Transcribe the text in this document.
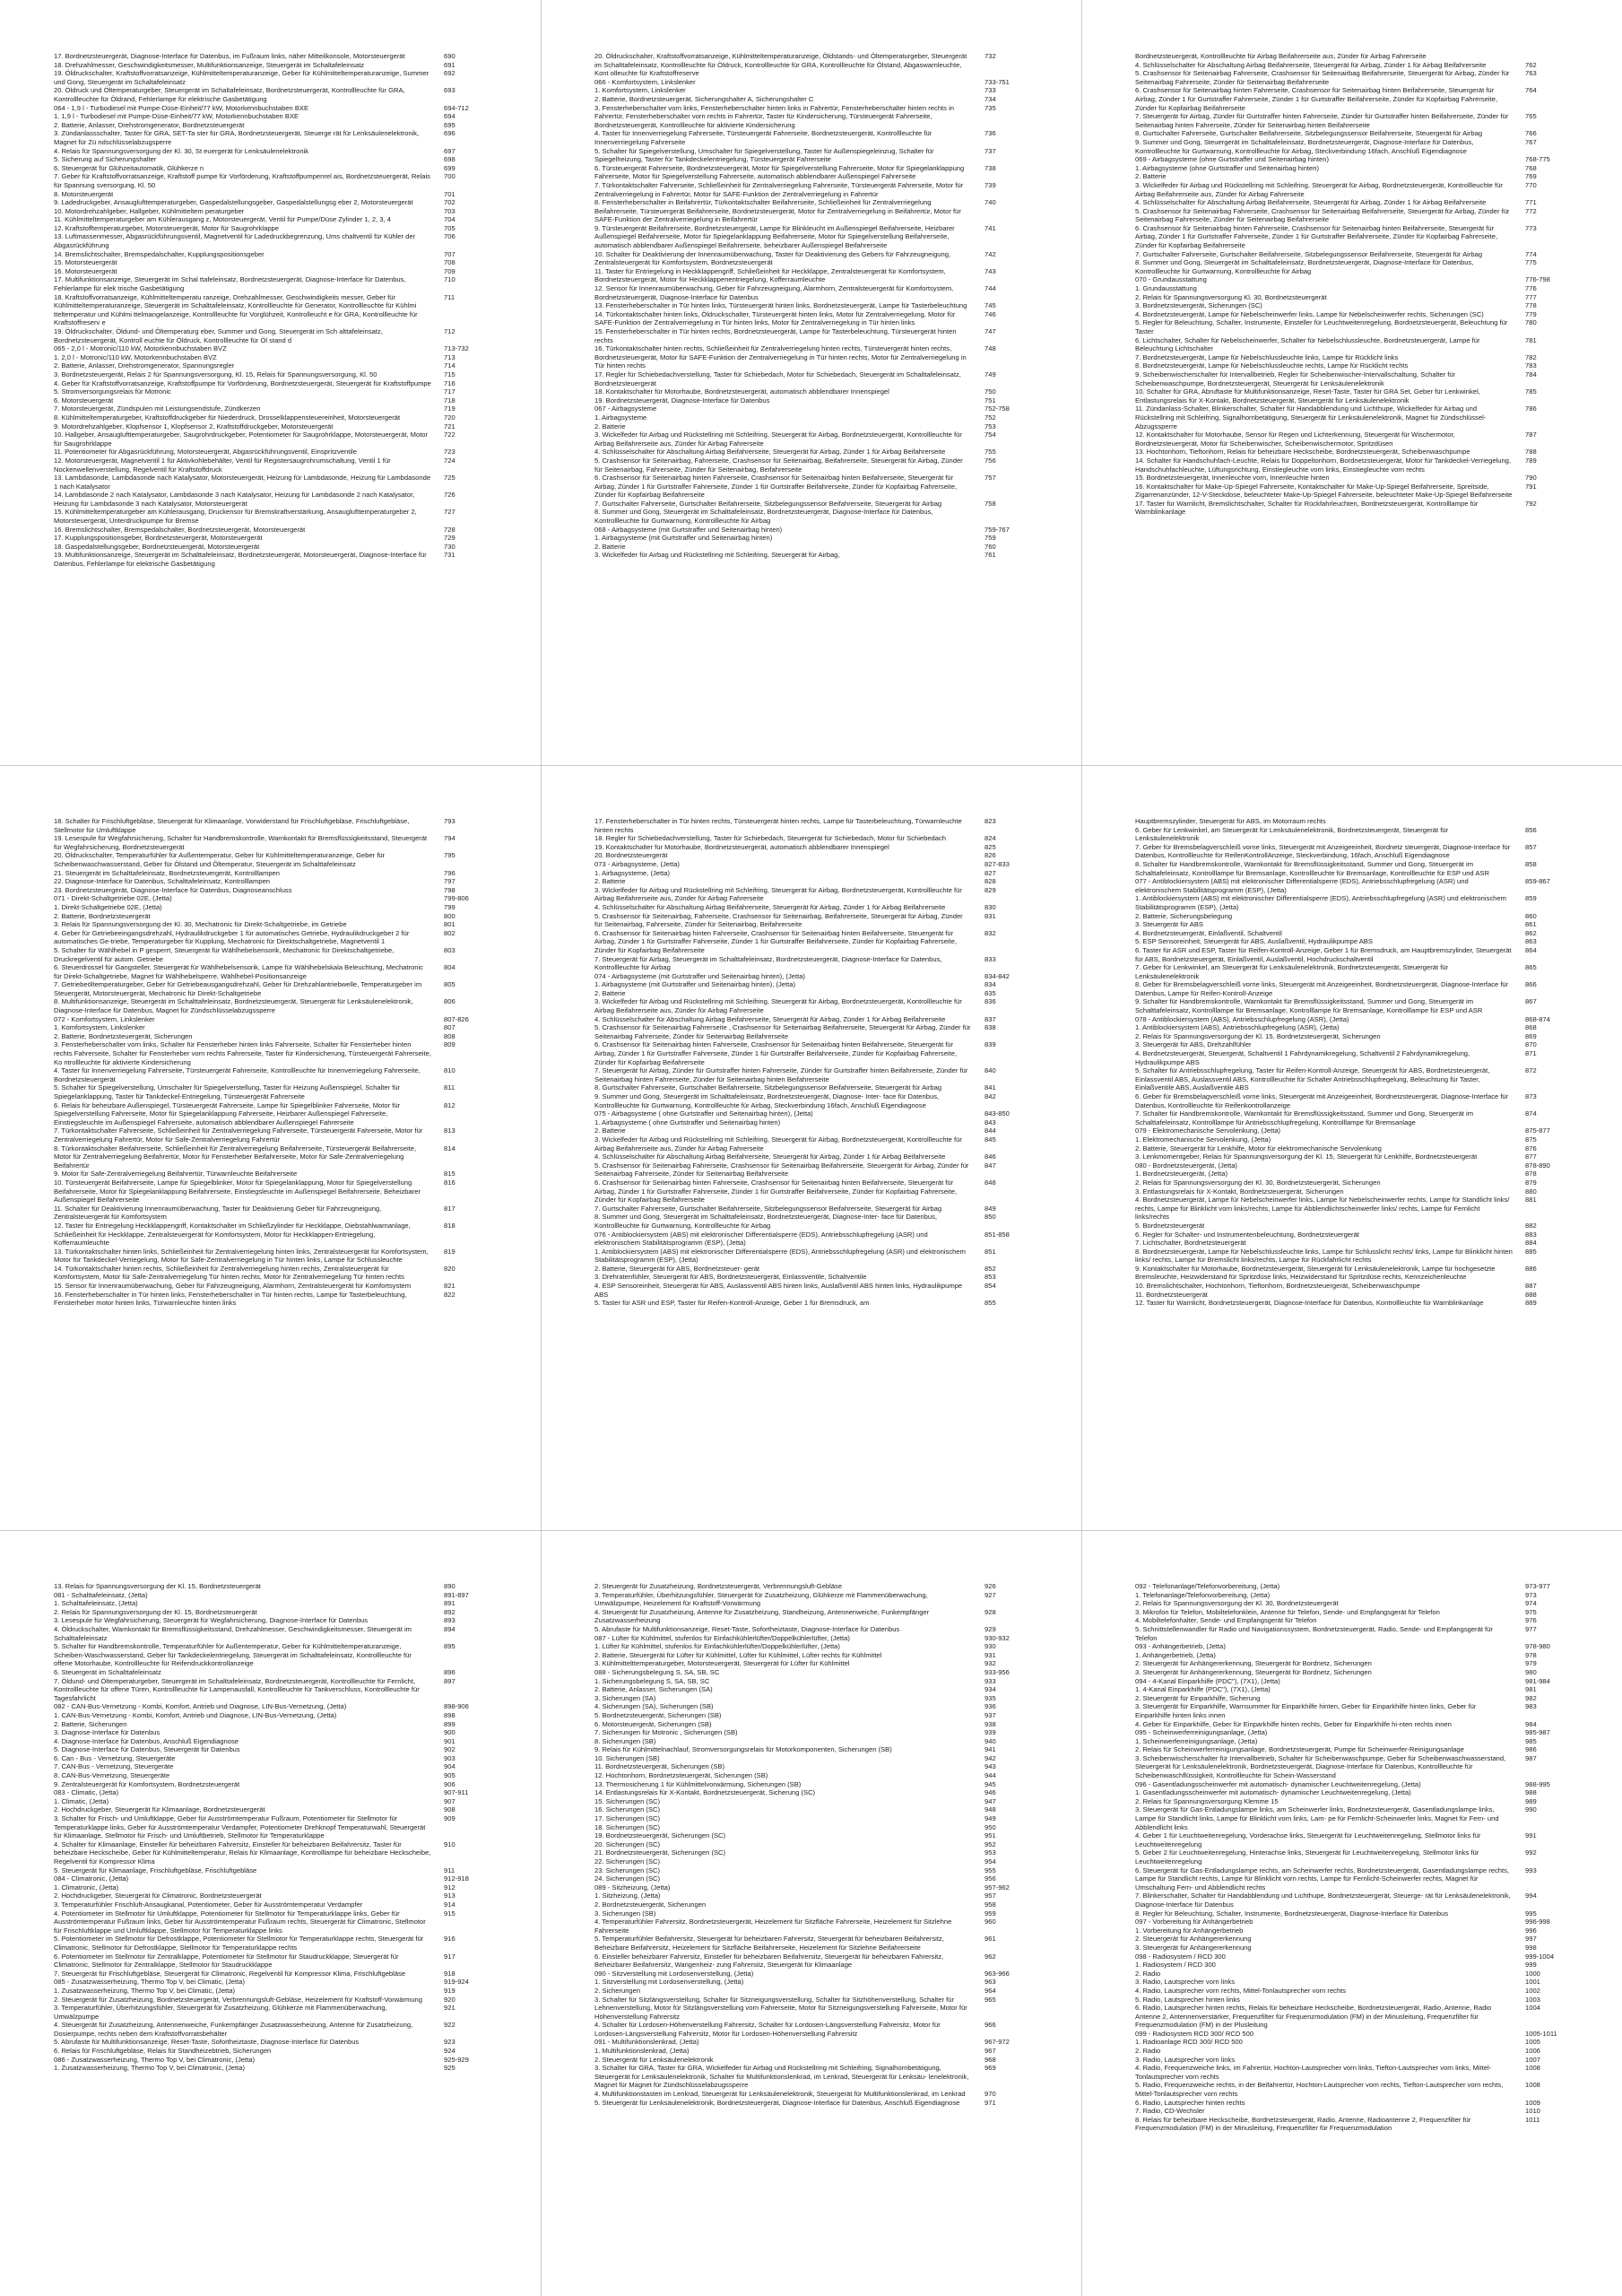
17. Bordnetzsteuergerät, Diagnose-Interface für Datenbus, im Fußraum links, näher Mitteilkonsole, Motorsteuergerät	690
18. Drehzahlmesser, Geschwindigkeitsmesser, Multifunktionsanzeige, Steuergerät im Schaltafeleinsatz	691
19. Öldruckschalter, Kraftstoffvorratsanzeige, Kühlmitteltemperaturanzeige, Geber für Kühlmitteltemperaturanzeige, Summer und Gong, Steuergerät im Schaltafeleinsatz
692
20. Öldruck und Öltemperaturgeber, Steuergerät im Schaltafeleinsatz, Bordnetzsteuergerät, Kontrollleuchte für GRA, Kontrollleuchte für Öldrand, Fehlerlampe für elektrische Gasbetätigung
693
064 - 1,9 l - Turbodiesel mit Pumpe-Düse-Einheit/77 kW, Motorkennbuchstaben BXE	694-712
1. 1,9 l - Turbodiesel mit Pumpe-Düse-Einheit/77 kW, Motorkennbuchstaben BXE	694
2. Batterie, Anlasser, Drehstromgenerator, Bordnetzsteuergerät	695
3. Zündanlassschalter, Taster für GRA, SET-Ta ster für GRA, Bordnetzsteuergerät, Steuerge rät für Lenksäulenelektronik, Magnet für Zü ndschlüsselabzugsperre
696
4. Relais für Spannungsversorgung der Kl. 30, St euergerät für Lenksäulenelektronik	697
5. Sicherung auf Sicherungshalter	698
6. Steuergerät für Glühzeitautomatik, Glühkerze n	699
7. Geber für Kraftstoffvorratsanzeige, Kraftstoff pumpe für Vorförderung, Kraftstoffpumpenrel ais, Bordnetzsteuergerät, Relais für Spannung sversorgung, Kl. 50
700
8. Motorsteuergerät	701
9. Ladedruckgeber, Ansauglufttemperaturgeber, Gaspedalstellungsgeber, Gaspedalstellungsg eber 2, Motorsteuergerät	702
10. Motordrehzahlgeber, Hallgeber, Kühlmitteltem peraturgeber	703
11. Kühlmitteltemperaturgeber am Kühlerausgang z, Motorsteuergerät, Ventil für Pumpe/Düse Zylinder 1, 2, 3, 4	704
12. Kraftstofftemperaturgeber, Motorsteuergerät, Motor für Saugrohrklappe	705
13. Luftmassenmesser, Abgasrückführungsventil, Magnetventil für Ladedruckbegrenzung, Ums chaltventil für Kühler der Abgasrückführung
706
14. Bremslichtschalter, Bremspedalschalter, Kupplungspositionsgeber	707
15. Motorsteuergerät	708
16. Motorsteuergerät	709
17. Multifunktionsanzeige, Steuergerät im Schal ttafeleinsatz, Bordnetzsteuergerät, Diagnose-Interface für Datenbus, Fehlerlampe für elek trische Gasbetätigung
710
18. Kraftstoffvorratsanzeige, Kühlmitteltemperatu ranzeige, Drehzahlmesser, Geschwindigkeits messer, Geber für Kühlmitteltemperaturanzeige, Steuergerät im Schalttafeleinsatz, Kontrollleuchte für Generator, Kontrollleuchte für Kühlmi tteltemperatur und Kühlmi ttelmangelanzeige, Kontrollleuchte für Vorglühzeit, Kontrolleucht e für GRA, Kontrollleuchte für Kraftstoffreserv e
711
19. Öldruckschalter, Öldund- und Öltemperaturg eber, Summer und Gong, Steuergerät im Sch alttafeleinsatz, Bordnetzsteuergerät, Kontroll euchte für Öldruck, Kontrollleuchte für Öl stand d
712
065 - 2,0 l - Motronic/110 kW, Motorkennbuchstaben BVZ	713-732
1. 2,0 l - Motronic/110 kW, Motorkennbuchstaben BVZ	713
2. Batterie, Anlasser, Drehstromgenerator, Spannungsregler	714
3. Bordnetzsteuergerät, Relais 2 für Spannungsversorgung, Kl. 15, Relais für Spannungsversorgung, Kl. 50	715
4. Geber für Kraftstoffvorratsanzeige, Kraftstoffpumpe für Vorförderung, Bordnetzsteuergerät, Steuergerät für Kraftstoffpumpe	716
5. Stromversorgungsrelais für Motronic	717
6. Motorsteuergerät	718
7. Motorsteuergerät, Zündspulen mit Leistungsendstufe, Zündkerzen	719
8. Kühlmitteltemperaturgeber, Kraftstoffdruckgeber für Niederdruck, Drosselklappensteuereinheit, Motorsteuergerät	720
9. Motordrehzahlgeber, Klopfsensor 1, Klopfsensor 2, Kraftstoffdruckgeber, Motorsteuergerät	721
10. Hallgeber, Ansauglufttemperaturgeber, Saugrohrdruckgeber, Potentiometer für Saugrohrklappe, Motorsteuergerät, Motor für Saugrohrklappe
722
11. Potentiometer für Abgasrückführung, Motorsteuergerät, Abgasrückführungsventil, Einspritzventile	723
12. Motorsteuergerät, Magnetventil 1 für Aktivkohlebehälter, Ventil für Registersaugrohrumschaltung, Ventil 1 für Nockenwellenverstellung, Regelventil für Kraftstoffdruck
724
13. Lambdasonde, Lambdasonde nach Katalysator, Motorsteuergerät, Heizung für Lambdasonde, Heizung für Lambdasonde 1 nach Katalysator
725
14. Lambdasonde 2 nach Katalysator, Lambdasonde 3 nach Katalysator, Heizung für Lambdasonde 2 nach Katalysator, Heizung für Lambdasonde 3 nach Katalysator, Motorsteuergerät
726
15. Kühlmitteltemperaturgeber am Kühlerausgang, Druckensor für Bremskraftverstärkung, Ansauglufttemperaturgeber 2, Motorsteuergerät, Unterdruckpumpe für Bremse
727
16. Bremslichtschalter, Bremspedalschalter, Bordnetzsteuergerät, Motorsteuergerät	728
17. Kupplungspositionsgeber, Bordnetzsteuergerät, Motorsteuergerät	729
18. Gaspedalstellungsgeber, Bordnetzsteuergerät, Motorsteuergerät	730
19. Multifunktionsanzeige, Steuergerät im Schalttafeleinsatz, Bordnetzsteuergerät, Motorsteuergerät, Diagnose-Interface für Datenbus, Fehlerlampe für elektrische Gasbetätigung
731
20. Öldruckschalter, Kraftstoffvorratsanzeige, Kühlmitteltemperaturanzeige, Öldstands- und Öltemperaturgeber, Steuergerät im Schalttafeleinsatz, Kontrollleuchte für Öldruck, Kontrollleuchte für GRA, Kontrollleuchte für Ölstand, Abgaswarnleuchte, Kont olleuchte für Kraftstoffreserve
732
066 - Komfortsystem, Linkslenker	733-751
1. Komfortsystem, Linkslenker	733
2. Batterie, Bordnetzsteuergerät, Sicherungshalter A, Sicherungshalter C	734
3. Fensterheberschalter vorn links, Fensterheberschalter hinten links in Fahrertür, Fensterheberschalter hinten rechts in Fahrertür, Fensterheberschalter vorn rechts in Fahrertür, Taster für Kindersicherung, Türsteuergerät Fahrerseite, Bordnetzsteuergerät, Kontrollleuchte für aktivierte Kindersicherung
735
4. Taster für Innenverriegelung Fahrerseite, Türsteuergerät Fahrerseite, Bordnetzsteuergerät, Kontrollleuchte für Innenverriegelung Fahrerseite
736
5. Schalter für Spiegelverstellung, Umschalter für Spiegelverstellung, Taster für Außenspiegeleinzug, Schalter für Spiegelheizung, Taster für Tankdeckelentriegelung, Türsteuergerät Fahrerseite
737
6. Türsteuergerät Fahrerseite, Bordnetzsteuergerät, Motor für Spiegelverstellung Fahrerseite, Motor für Spiegelanklappung Fahrerseite, Motor für Spiegelverstellung Fahrerseite, automatisch abblendbarer Außenspiegel Fahrerseite
738
7. Türkontaktschalter Fahrerseite, Schließeinheit für Zentralverriegelung Fahrerseite, Türsteuergerät Fahrerseite, Motor für Zentralverriegelung in Fahrertür, Motor für SAFE-Funktion der Zentralverriegelung in Fahrertür
739
8. Fensterheberschalter in Beifahrertür, Türkontaktschalter Beifahrerseite, Schließeinheit für Zentralverriegelung Beifahrerseite, Türsteuergerät Beifahrerseite, Bordnetzsteuergerät, Motor für Zentralverriegelung in Beifahrertür, Motor für SAFE-Funktion der Zentralverriegelung in Beifahrertür
740
9. Türsteuergerät Beifahrerseite, Bordnetzsteuergerät, Lampe für Blinkleucht im Außenspiegel Beifahrerseite, Heizbarer Außenspiegel Beifahrerseite, Motor für Spiegelanklappung Beifahrerseite, Motor für Spiegelverstellung Beifahrerseite, automatisch abblendbarer Außenspiegel Beifahrerseite, beheizbarer Außenspiegel Beifahrerseite
741
10. Schalter für Deaktivierung der Innenraumüberwachung, Taster für Deaktivierung des Gebers für Fahrzeugneigung, Zentralsteuergerät für Komfortsystem, Bordnetzsteuergerät
742
11. Taster für Entriegelung in Heckklappengriff, Schließeinheit für Heckklappe, Zentralsteuergerät für Komfortsystem, Bordnetzsteuergerät, Motor für Heckklappenentriegelung, Kofferraumleuchte
743
12. Sensor für Innenraumüberwachung, Geber für Fahrzeugneigung, Alarmhorn, Zentralsteuergerät für Komfortsystem, Bordnetzsteuergerät, Diagnose-Interface für Datenbus
744
13. Fensterheberschalter in Tür hinten links, Türsteuergerät hinten links, Bordnetzsteuergerät, Lampe für Tasterbeleuchtung	745
14. Türkontaktschalter hinten links, Öldruckschalter, Türsteuergerät hinten links, Motor für Zentralverriegelung, Motor für SAFE-Funktion der Zentralverriegelung in Tür hinten links, Motor für Zentralverriegelung in Tür hinten links
746
15. Fensterheberschalter in Tür hinten rechts, Bordnetzsteuergerät, Lampe für Tasterbeleuchtung, Türsteuergerät hinten rechts
747
16. Türkontaktschalter hinten rechts, Schließeinheit für Zentralverriegelung hinten rechts, Türsteuergerät hinten rechts, Bordnetzsteuergerät, Motor für SAFE-Funktion der Zentralverriegelung in Tür hinten rechts, Motor für Zentralverriegelung in Tür hinten rechts
748
17. Regler für Schiebedachverstellung, Taster für Schiebedach, Motor für Schiebedach, Steuergerät im Schalttafeleinsatz, Bordnetzsteuergerät
749
18. Kontaktschalter für Motorhaube, Bordnetzsteuergerät, automatisch abblendbarer Innenspiegel	750
19. Bordnetzsteuergerät, Diagnose-Interface für Datenbus	751
067 - Airbagsysteme	752-758
1. Airbagsysteme	752
2. Batterie	753
3. Wickelfeder für Airbag und Rückstellring mit Schleifring, Steuergerät für Airbag, Bordnetzsteuergerät, Kontrollleuchte für Airbag Beifahrerseite aus, Zünder für Airbag Fahrerseite
754
4. Schlüsselschalter für Abschaltung Airbag Beifahrerseite, Steuergerät für Airbag, Zünder 1 für Airbag Beifahrerseite	755
5. Crashsensor für Seitenairbag, Fahrerseite, Crashsensor für Seitenairbag, Beifahrerseite, Steuergerät für Airbag, Zünder für Seitenairbag, Fahrerseite, Zünder für Seitenairbag, Beifahrerseite
756
6. Crashsensor für Seitenairbag hinten Fahrerseite, Crashsensor für Seitenairbag hinten Beifahrerseite, Steuergerät für Airbag, Zünder 1 für Gurtstraffer Fahrerseite, Zünder 1 für Gurtstraffer Beifahrerseite, Zünder für Kopfairbag Fahrerseite, Zünder für Kopfairbag Beifahrerseite
757
7. Gurtschalter Fahrerseite, Gurtschalter Beifahrerseite, Sitzbelegungssensor Beifahrerseite, Steuergerät für Airbag	758
8. Summer und Gong, Steuergerät im Schalttafeleinsatz, Bordnetzsteuergerät, Diagnose-Interface für Datenbus, Kontrollleuchte für Gurtwarnung, Kontrollleuchte für Airbag
068 - Airbagsysteme (mit Gurtstraffer und Seitenairbag hinten)	759-767
1. Airbagsysteme (mit Gurtstraffer und Seitenairbag hinten)	759
2. Batterie	760
3. Wickelfeder für Airbag und Rückstellring mit Schleifring, Steuergerät für Airbag,	761
Bordnetzsteuergerät, Kontrollleuchte für Airbag Beifahrerseite aus, Zünder für Airbag Fahrerseite
4. Schlüsselschalter für Abschaltung Airbag Beifahrerseite, Steuergerät für Airbag, Zünder 1 für Airbag Beifahrerseite	762
5. Crashsensor für Seitenairbag Fahrerseite, Crashsensor für Seitenairbag Beifahrerseite, Steuergerät für Airbag, Zünder für Seitenairbag Fahrerseite, Zünder für Seitenairbag Beifahrerseite
763
6. Crashsensor für Seitenairbag hinten Fahrerseite, Crashsensor für Seitenairbag hinten Beifahrerseite, Steuergerät für Airbag, Zünder 1 für Gurtstraffer Fahrerseite, Zünder 1 für Gurtstraffer Beifahrerseite, Zünder für Kopfairbag Fahrerseite, Zünder für Kopfairbag Beifahrerseite
764
7. Steuergerät für Airbag, Zünder für Gurtstraffer hinten Fahrerseite, Zünder für Gurtstraffer hinten Beifahrerseite, Zünder für Seitenairbag hinten Fahrerseite, Zünder für Seitenairbag hinten Beifahrerseite
765
8. Gurtschalter Fahrerseite, Gurtschalter Beifahrerseite, Sitzbelegungssensor Beifahrerseite, Steuergerät für Airbag	766
9. Summer und Gong, Steuergerät im Schalttafeleinsatz, Bordnetzsteuergerät, Diagnose-Interface für Datenbus, Kontrollleuchte für Gurtwarnung, Kontrollleuchte für Airbag, Steckverbindung 16fach, Anschluß Eigendiagnose
767
069 - Airbagsysteme (ohne Gurtstraffer und Seitenairbag hinten)	768-775
1. Airbagsysteme (ohne Gurtstraffer und Seitenairbag hinten)	768
2. Batterie	769
3. Wickelfeder für Airbag und Rückstellring mit Schleifring, Steuergerät für Airbag, Bordnetzsteuergerät, Kontrollleuchte für Airbag Beifahrerseite aus, Zünder für Airbag Fahrerseite
770
4. Schlüsselschalter für Abschaltung Airbag Beifahrerseite, Steuergerät für Airbag, Zünder 1 für Airbag Beifahrerseite	771
5. Crashsensor für Seitenairbag Fahrerseite, Crashsensor für Seitenairbag Beifahrerseite, Steuergerät für Airbag, Zünder für Seitenairbag Fahrerseite, Zünder für Seitenairbag Beifahrerseite
772
6. Crashsensor für Seitenairbag hinten Fahrerseite, Crashsensor für Seitenairbag hinten Beifahrerseite, Steuergerät für Airbag, Zünder 1 für Gurtstraffer Fahrerseite, Zünder 1 für Gurtstraffer Beifahrerseite, Zünder für Kopfairbag Fahrerseite, Zünder für Kopfairbag Beifahrerseite
773
7. Gurtschalter Fahrerseite, Gurtschalter Beifahrerseite, Sitzbelegungssensor Beifahrerseite, Steuergerät für Airbag	774
8. Summer und Gong, Steuergerät im Schalttafeleinsatz, Bordnetzsteuergerät, Diagnose-Interface für Datenbus, Kontrollleuchte für Gurtwarnung, Kontrollleuchte für Airbag
775
070 - Grundausstattung	776-798
1. Grundausstattung	776
2. Relais für Spannungsversorgung Kl. 30, Bordnetzsteuergerät	777
3. Bordnetzsteuergerät, Sicherungen (SC)	778
4. Bordnetzsteuergerät, Lampe für Nebelscheinwerfer links, Lampe für Nebelscheinwerfer rechts, Sicherungen (SC)	779
5. Regler für Beleuchtung, Schalter, Instrumente, Einsteller für Leuchtweitenregelung, Bordnetzsteuergerät, Beleuchtung für Taster
780
6. Lichtschalter, Schalter für Nebelscheinwerfer, Schalter für Nebelschlussleuchte, Bordnetzsteuergerät, Lampe für Beleuchtung Lichtschalter
781
7. Bordnetzsteuergerät, Lampe für Nebelschlussleuchte links, Lampe für Rücklicht links	782
8. Bordnetzsteuergerät, Lampe für Nebelschlussleuchte rechts, Lampe für Rücklicht rechts	783
9. Scheibenwischerschalter für Intervallbetrieb, Regler für Scheibenwischer-Intervallschaltung, Schalter für Scheibenwaschpumpe, Bordnetzsteuergerät, Steuergerät für Lenksäulenelektronik
784
10. Schalter für GRA, Abruftaste für Multifunktionsanzeige, Reset-Taste, Taster für GRA Set, Geber für Lenkwinkel, Entlastungsrelais für X-Kontakt, Bordnetzsteuergerät, Steuergerät für Lenksäulenelektronik
785
11. Zündanlass-Schalter, Blinkerschalter, Schalter für Handabblendung und Lichthupe, Wickelfeder für Airbag und Rückstellring mit Schleifring, Signalhornbetätigung, Steuergerät für Lenksäulenelektronik, Magnet für Zündschlüssel-Abzugssperre
786
12. Kontaktschalter für Motorhaube, Sensor für Regen und Lichterkennung, Steuergerät für Wischermotor, Bordnetzsteuergerät, Motor für Scheibenwischer, Scheibenwischermotor, Spritzdüsen
787
13. Hochtonhorn, Tieftonhorn, Relais für beheizbare Heckscheibe, Bordnetzsteuergerät, Scheibenwaschpumpe	788
14. Schalter für Handschuhfach-Leuchte, Relais für Doppeltonhorn, Bordnetzsteuergerät, Motor für Tankdeckel-Verriegelung, Handschuhfachleuchte, Lüftungsrichtung, Einstiegleuchte vorn links, Einstiegleuchte vorn rechts
789
15. Bordnetzsteuergerät, Innenleuchte vorn, Innenleuchte hinten	790
16. Kontaktschalter für Make-Up-Spiegel Fahrerseite, Kontaktschalter für Make-Up-Spiegel Beifahrerseite, Spreitside, Zigarrenanzünder, 12-V-Steckdose, beleuchteter Make-Up-Spiegel Fahrerseite, beleuchteter Make-Up-Spiegel Beifahrerseite
791
17. Taster für Warnlicht, Bremslichtschalter, Schalter für Rückfahrleuchten, Bordnetzsteuergerät, Kontrolllampe für Warnblinkanlage
792
18. Schalter für Frischluftgebläse, Steuergerät für Klimaanlage, Vorwiderstand für Frischluftgebläse, Frischluftgebläse, Stellmotor für Umluftklappe
793
19. Lesespule für Wegfahrsicherung, Schalter für Handbremskontrolle, Warnkontakt für Bremsflüssigkeitsstand, Steuergerät für Wegfahrsicherung, Bordnetzsteuergerät
794
20. Öldruckschalter, Temperaturfühler für Außentemperatur, Geber für Kühlmitteltemperaturanzeige, Geber für Scheibenwaschwasserstand, Geber für Ölstand und Öltemperatur, Steuergerät im Schalttafeleinsatz
795
21. Steuergerät im Schalttafeleinsatz, Bordnetzsteuergerät, Kontrolllampen	796
22. Diagnose-Interface für Datenbus, Schalttafeleinsatz, Kontrolllampen	797
23. Bordnetzsteuergerät, Diagnose-Interface für Datenbus, Diagnoseanschluss	798
071 - Direkt-Schaltgetriebe 02E, (Jetta)	799-806
1. Direkt-Schaltgetriebe 02E, (Jetta)	799
2. Batterie, Bordnetzsteuergerät	800
3. Relais für Spannungsversorgung der Kl. 30, Mechatronic für Direkt-Schaltgetriebe, im Getriebe	801
4. Geber für Getriebeeingangsdrehzahl, Hydraulikdruckgeber 1 für automatisches Getriebe, Hydraulikdruckgeber 2 für automatisches Ge-triebe, Temperaturgeber für Kupplung, Mechatronic für Direktschaltgetriebe, Magnetventil 1
802
5. Schalter für Wählhebel in P gesperrt, Steuergerät für Wählhebelsensorik, Mechatronic für Direktschaltgetriebe, Druckregelventil für autom. Getriebe
803
6. Steuerdrossel für Gangsteller, Steuergerät für Wählhebelsensorik, Lampe für Wählhebelskala Beleuchtung, Mechatronic für Direkt-Schaltgetriebe, Magnet für Wählhebelsperre, Wählhebel-Positionsanzeige
804
7. Getriebeöltemperaturgeber, Geber für Getriebeausgangsdrehzahl, Geber für Drehzahlantriebwelle, Temperaturgeber im Steuergerät, Motorsteuergerät, Mechatronic für Direkt-Schaltgetriebe
805
8. Multifunktionsanzeige, Steuergerät im Schalttafeleinsatz, Bordnetzsteuergerät, Steuergerät für Lenksäulenelektronik, Diagnose-Interface für Datenbus, Magnet für Zündschlüsselabzugssperre
806
072 - Komfortsystem, Linkslenker	807-826
1. Komfortsystem, Linkslenker	807
2. Batterie, Bordnetzsteuergerät, Sicherungen	808
3. Fensterheberschalter vorn links, Schalter für Fensterheber hinten links Fahrerseite, Schalter für Fensterheber hinten rechts Fahrerseite, Schalter für Fensterheber vorn rechts Fahrerseite, Taster für Kindersicherung, Türsteuergerät Fahrerseite, Ko ntrollleuchte für aktivierte Kindersicherung
809
4. Taster für Innenverriegelung Fahrerseite, Türsteuergerät Fahrerseite, Kontrollleuchte für Innenverriegelung Fahrerseite, Bordnetzsteuergerät
810
5. Schalter für Spiegelverstellung, Umschalter für Spiegelverstellung, Taster für Heizung Außenspiegel, Schalter für Spiegelanklappung, Taster für Tankdeckel-Entriegelung, Türsteuergerät Fahrerseite
811
6. Relais für beheizbare Außenspiegel, Türsteuergerät Fahrerseite, Lampe für Spiegelblinker Fahrerseite, Motor für Spiegelverstellung Fahrerseite, Motor für Spiegelanklappung Fahrerseite, Heizbarer Außenspiegel Fahrerseite, Einstiegsleuchte im Außenspiegel Fahrerseite, automatisch abblendbarer Außenspiegel Fahrerseite
812
7. Türkontaktschalter Fahrerseite, Schließeinheit für Zentralverriegelung Fahrerseite, Türsteuergerät Fahrerseite, Motor für Zentralverriegelung Fahrertür, Motor für Safe-Zentralverriegelung Fahrertür
813
8. Türkontaktschalter Beifahrerseite, Schließeinheit für Zentralverriegelung Beifahrerseite, Türsteuergerät Beifahrerseite, Motor für Zentralverriegelung Beifahrertür, Motor für Fensterheber Beifahrerseite, Motor für Safe-Zentralverriegelung Beifahrertür
814
9. Motor für Safe-Zentralverriegelung Beifahrertür, Türwarnleuchte Beifahrerseite	815
10. Türsteuergerät Beifahrerseite, Lampe für Spiegelblinker, Motor für Spiegelanklappung, Motor für Spiegelverstellung Beifahrerseite, Motor für Spiegelanklappung Beifahrerseite, Einstiegsleuchte im Außenspiegel Beifahrerseite, Beheizbarer Außenspiegel Beifahrerseite
816
11. Schalter für Deaktivierung Innenraumüberwachung, Taster für Deaktivierung Geber für Fahrzeugneigung, Zentralsteuergerät für Komfortsystem
817
12. Taster für Entriegelung Heckklappengriff, Kontaktschalter im Schließzylinder für Heckklappe, Diebstahlwarnanlage, Schließeinheit für Heckklappe, Zentralsteuergerät für Komfortsystem, Motor für Heckklappen-Entriegelung, Kofferraumleuchte
818
13. Türkontaktschalter hinten links, Schließeinheit für Zentralverriegelung hinten links, Zentralsteuergerät für Komfortsystem, Motor für Tankdeckel-Verriegelung, Motor für Safe-Zentralverriegelung in Tür hinten links, Lampe für Schlussleuchte
819
14. Türkontaktschalter hinten rechts, Schließeinheit für Zentralverriegelung hinten rechts, Zentralsteuergerät für Komfortsystem, Motor für Safe-Zentralverriegelung Tür hinten rechts, Motor für Zentralverriegelung Tür hinten rechts
820
15. Sensor für Innenraumüberwachung, Geber für Fahrzeugneigung, Alarmhorn, Zentralsteuergerät für Komfortsystem	821
16. Fensterheberschalter in Tür hinten links, Fensterheberschalter in Tür hinten rechts, Lampe für Tasterbeleuchtung, Fensterheber motor hinten links, Türwarnleuchte hinten links
822
17. Fensterheberschalter in Tür hinten rechts, Türsteuergerät hinten rechts, Lampe für Tasterbeleuchtung, Türwarnleuchte hinten rechts
823
18. Regler für Schiebedachverstellung, Taster für Schiebedach, Steuergerät für Schiebedach, Motor für Schiebedach	824
19. Kontaktschalter für Motorhaube, Bordnetzsteuergerät, automatisch abblendbarer Innenspiegel	825
20. Bordnetzsteuergerät	826
073 - Airbagsysteme, (Jetta)	827-833
1. Airbagsysteme, (Jetta)	827
2. Batterie	828
3. Wickelfeder für Airbag und Rückstellring mit Schleifring, Steuergerät für Airbag, Bordnetzsteuergerät, Kontrollleuchte für Airbag Beifahrerseite aus, Zünder für Airbag Fahrerseite
829
4. Schlüsselschalter für Abschaltung Airbag Beifahrerseite, Steuergerät für Airbag, Zünder 1 für Airbag Beifahrerseite	830
5. Crashsensor für Seitenairbag, Fahrerseite, Crashsensor für Seitenairbag, Beifahrerseite, Steuergerät für Airbag, Zünder für Seitenairbag, Fahrerseite, Zünder für Seitenairbag, Beifahrerseite
831
6. Crashsensor für Seitenairbag hinten Fahrerseite, Crashsensor für Seitenairbag hinten Beifahrerseite, Steuergerät für Airbag, Zünder 1 für Gurtstraffer Fahrerseite, Zünder 1 für Gurtstraffer Beifahrerseite, Zünder für Kopfairbag Fahrerseite, Zünder für Kopfairbag Beifahrerseite
832
7. Steuergerät für Airbag, Steuergerät im Schalttafeleinsatz, Bordnetzsteuergerät, Diagnose-Interface für Datenbus, Kontrollleuchte für Airbag
833
074 - Airbagsysteme (mit Gurtstraffer und Seitenairbag hinten), (Jetta)	834-842
1. Airbagsysteme (mit Gurtstraffer und Seitenairbag hinten), (Jetta)	834
2. Batterie	835
3. Wickelfeder für Airbag und Rückstellring mit Schleifring, Steuergerät für Airbag, Bordnetzsteuergerät, Kontrollleuchte für Airbag Beifahrerseite aus, Zünder für Airbag Fahrerseite
836
4. Schlüsselschalter für Abschaltung Airbag Beifahrerseite, Steuergerät für Airbag, Zünder 1 für Airbag Beifahrerseite	837
5. Crashsensor für Seitenairbag Fahrerseite , Crashsensor für Seitenairbag Beifahrerseite, Steuergerät für Airbag, Zünder für Seitenairbag Fahrerseite, Zünder für Seitenairbag Beifahrerseite
838
6. Crashsensor für Seitenairbag hinten Fahrerseite, Crashsensor für Seitenairbag hinten Beifahrerseite, Steuergerät für Airbag, Zünder 1 für Gurtstraffer Fahrerseite, Zünder 1 für Gurtstraffer Beifahrerseite, Zünder für Kopfairbag Fahrerseite, Zünder für Kopfairbag Beifahrerseite
839
7. Steuergerät für Airbag, Zünder für Gurtstraffer hinten Fahrerseite, Zünder für Gurtstraffer hinten Beifahrerseite, Zünder für Seitenairbag hinten Fahrerseite, Zünder für Seitenairbag hinten Beifahrerseite
840
8. Gurtschalter Fahrerseite, Gurtschalter Beifahrerseite, Sitzbelegungssensor Beifahrerseite, Steuergerät für Airbag	841
9. Summer und Gong, Steuergerät im Schalttafeleinsatz, Bordnetzsteuergerät, Diagnose- Inter- face für Datenbus, Kontrollleuchte für Gurtwarnung, Kontrollleuchte für Airbag, Steckverbindung 16fach, Anschluß Eigendiagnose
842
075 - Airbagsysteme ( ohne Gurtstraffer und Seitenairbag hinten), (Jetta)	843-850
1. Airbagsysteme ( ohne Gurtstraffer und Seitenairbag hinten)	843
2. Batterie	844
3. Wickelfeder für Airbag und Rückstellring mit Schleifring, Steuergerät für Airbag, Bordnetzsteuergerät, Kontrollleuchte für Airbag Beifahrerseite aus, Zünder für Airbag Fahrerseite
845
4. Schlüsselschalter für Abschaltung Airbag Beifahrerseite, Steuergerät für Airbag, Zünder 1 für Airbag Beifahrerseite	846
5. Crashsensor für Seitenairbag Fahrerseite, Crashsensor für Seitenairbag Beifahrerseite, Steuergerät für Airbag, Zünder für Seitenairbag Fahrerseite, Zünder für Seitenairbag Beifahrerseite
847
6. Crashsensor für Seitenairbag hinten Fahrerseite, Crashsensor für Seitenairbag hinten Beifahrerseite, Steuergerät für Airbag, Zünder 1 für Gurtstraffer Fahrerseite, Zünder 1 für Gurtstraffer Beifahrerseite, Zünder für Kopfairbag Fahrerseite, Zünder für Kopfairbag Beifahrerseite
848
7. Gurtschalter Fahrerseite, Gurtschalter Beifahrerseite, Sitzbelegungssensor Beifahrerseite, Steuergerät für Airbag	849
8. Summer und Gong, Steuergerät im Schalttafeleinsatz, Bordnetzsteuergerät, Diagnose-Inter- face für Datenbus, Kontrollleuchte für Gurtwarnung, Kontrollleuchte für Airbag
850
076 - Antiblockiersystem (ABS) mit elektronischer Differentialsperre (EDS), Antriebsschlupfregelung (ASR) und elektronischem Stabilitätsprogramm (ESP), (Jetta)
851-858
1. Antiblockiersystem (ABS) mit elektronischer Differentialsperre (EDS), Antriebsschlupfregelung (ASR) und elektronischem Stabilitätsprogramm (ESP), (Jetta)
851
2. Batterie, Steuergerät für ABS, Bordnetzsteuer- gerät	852
3. Drehratenfühler, Steuergerät für ABS, Bordnetzsteuergerät, Einlassventile, Schaltventile	853
4. ESP Sensoreinheit, Steuergerät für ABS, Auslassventil ABS hinten links, Auslaßventil ABS hinten links, Hydraulikpumpe ABS
854
5. Taster für ASR und ESP, Taster für Reifen-Kontroll-Anzeige, Geber 1 für Bremsdruck, am	855
Hauptbremszylinder, Steuergerät für ABS, im Motorraum rechts
6. Geber für Lenkwinkel, am Steuergerät für Lenksäulenelektronik, Bordnetzsteuergerät, Steuergerät für Lenksäulenelektronik
856
7. Geber für Bremsbelagverschleiß vorne links, Steuergerät mit Anzeigeeinheit, Bordnetz steuergerät, Diagnose-Interface für Datenbus, Kontrollleuchte für ReifenKontrollAnzeige, Steckverbindung, 16fach, Anschluß Eigendiagnose
857
8. Schalter für Handbremskontrolle, Warnkontakt für Bremsflüssigkeitsstand, Summer und Gong, Steuergerät im Schalttafeleinsatz, Kontrolllampe für Bremsanlage, Kontrollleuchte für Bremsanlage, Kontrollleuchte für ESP und ASR
858
077 - Antiblockiersystem (ABS) mit elektronischer Differentialsperre (EDS), Antriebsschlupfregelung (ASR) und elektronischem Stabilitätsprogramm (ESP), (Jetta)
859-867
1. Antiblockiersystem (ABS) mit elektronischer Differentialsperre (EDS), Antriebsschlupfregelung (ASR) und elektronischem Stabilitätsprogramm (ESP), (Jetta)
859
2. Batterie, Sicherungsbelegung	860
3. Steuergerät für ABS	861
4. Bordnetzsteuergerät, Einlaßventil, Schaltventil	862
5. ESP Sensoreinheit, Steuergerät für ABS, Auslaßventil, Hydraulikpumpe ABS	863
6. Taster für ASR und ESP, Taster für Reifen-Kontroll-Anzeige, Geber 1 für Bremsdruck, am Hauptbremszylinder, Steuergerät für ABS, Bordnetzsteuergerät, Einlaßventil, Auslaßventil, Hochdruckschaltventil
864
7. Geber für Lenkwinkel, am Steuergerät für Lenksäulenelektronik, Bordnetzsteuergerät, Steuergerät für Lenksäulenelektronik
865
8. Geber für Bremsbelagverschleiß vorne links, Steuergerät mit Anzeigeeinheit, Bordnetzsteuergerät, Diagnose-Interface für Datenbus, Lampe für Reifen-Kontroll-Anzeige
866
9. Schalter für Handbremskontrolle, Warnkontakt für Bremsflüssigkeitsstand, Summer und Gong, Steuergerät im Schalttafeleinsatz, Kontrolllampe für Bremsanlage, Kontrolllampe für Bremsanlage, Kontrolllampe für ESP und ASR
867
078 - Antiblockiersystem (ABS), Antriebsschlupfregelung (ASR), (Jetta)	868-874
1. Antiblockiersystem (ABS), Antriebsschlupfregelung (ASR), (Jetta)	868
2. Relais für Spannungsversorgung der Kl. 15, Bordnetzsteuergerät, Sicherungen	869
3. Steuergerät für ABS, Drehzahlfühler	870
4. Bordnetzsteuergerät, Steuergerät, Schaltventil 1 Fahrdynamikregelung, Schaltventil 2 Fahrdynamikregelung, Hydraulikpumpe ABS
871
5. Schalter für Antriebsschlupfregelung, Taster für Reifen-Kontroll-Anzeige, Steuergerät für ABS, Bordnetzsteuergerät, Einlassventil ABS, Auslassventil ABS, Kontrollleuchte für Schalter Antriebsschlupfregelung, Beleuchtung für Taster, Einlaßventile ABS, Auslaßventile ABS
872
6. Geber für Bremsbelagverschleiß vorne links, Steuergerät mit Anzeigeeinheit, Bordnetzsteuergerät, Diagnose-Interface für Datenbus, Kontrollleuchte für Reifenkontrollanzeige
873
7. Schalter für Handbremskontrolle, Warnkontakt für Bremsflüssigkeitsstand, Summer und Gong, Steuergerät im Schalttafeleinsatz, Kontrolllampe für Antriebsschlupfregelung, Kontrolllampe für Bremsanlage
874
079 - Elektromechanische Servolenkung, (Jetta)	875-877
1. Elektromechanische Servolenkung, (Jetta)	875
2. Batterie, Steuergerät für Lenkhilfe, Motor für elektromechanische Servolenkung	876
3. Lenkmomentgeber, Relais für Spannungsversorgung der Kl. 15, Steuergerät für Lenkhilfe, Bordnetzsteuergerät	877
080 - Bordnetzsteuergerät, (Jetta)	878-890
1. Bordnetzsteuergerät, (Jetta)	878
2. Relais für Spannungsversorgung der Kl. 30, Bordnetzsteuergerät, Sicherungen	879
3. Entlastungsrelais für X-Kontakt, Bordnetzsteuergerät, Sicherungen	880
4. Bordnetzsteuergerät, Lampe für Nebelscheinwerfer links, Lampe für Nebelscheinwerfer rechts, Lampe für Standlicht links/ rechts, Lampe für Blinklicht vorn links/rechts, Lampe für Abblendlichtscheinwerfer links/ rechts, Lampe für Fernlicht links/rechts
881
5. Bordnetzsteuergerät	882
6. Regler für Schalter- und Instrumentenbeleuchtung, Bordnetzsteuergerät	883
7. Lichtschalter, Bordnetzsteuergerät	884
8. Bordnetzsteuergerät, Lampe für Nebelschlussleuchte links, Lampe für Schlusslicht rechts/ links, Lampe für Blinklicht hinten links/ rechts, Lampe für Bremslicht links/rechts, Lampe für Rückfahrlicht rechts
885
9. Kontaktschalter für Motorhaube, Bordnetzsteuergerät, Steuergerät für Lenksäulenelektronik, Lampe für hochgesetzte Bremsleuchte, Heizwiderstand für Spritzdüse links, Heizwiderstand für Spritzdüse rechts, Kennzeichenleuchte
886
10. Bremslichtschalter, Hochtonhorn, Tieftonhorn, Bordnetzsteuergerät, Scheibenwaschpumpe	887
11. Bordnetzsteuergerät	888
12. Taster für Warnlicht, Bordnetzsteuergerät, Diagnose-Interface für Datenbus, Kontrollleuchte für Warnblinkanlage	889
13. Relais für Spannungsversorgung der Kl. 15, Bordnetzsteuergerät	890
081 - Schalttafeleinsatz, (Jetta)	891-897
1. Schalttafeleinsatz, (Jetta)	891
2. Relais für Spannungsversorgung der Kl. 15, Bordnetzsteuergerät	892
3. Lesespule für Wegfahrsicherung, Steuergerät für Wegfahrsicherung, Diagnose-Interface für Datenbus	893
4. Öldruckschalter, Warnkontakt für Bremsflüssigkeitsstand, Drehzahlmesser, Geschwindigkeitsmesser, Steuergerät im Schalttafeleinsatz
894
5. Schalter für Handbremskontrolle, Temperaturfühler für Außentemperatur, Geber für Kühlmitteltemperaturanzeige, Scheiben-Waschwasserstand, Geber für Tankdeckelentriegelung, Steuergerät im Schalttafeleinsatz, Kontrollleuchte für offene Motorhaube, Kontrollleuchte für Reifendruckkontrollanzeige
895
6. Steuergerät im Schalttafeleinsatz	896
7. Öldund- und Öltemperaturgeber, Steuergerät im Schalttafeleinsatz, Bordnetzsteuergerät, Kontrollleuchte für Fernlicht, Kontrollleuchte für offene Türen, Kontrollleuchte für Lampenausfall, Kontrollleuchte für Tankverschluss, Kontrollleuchte für Tagesfahrlicht
897
082 - CAN-Bus-Vernetzung - Kombi, Komfort, Antrieb und Diagnose, LIN-Bus-Vernetzung, (Jetta)	898-906
1. CAN-Bus-Vernetzung - Kombi, Komfort, Antrieb und Diagnose, LIN-Bus-Vernetzung, (Jetta)	898
2. Batterie, Sicherungen	899
3. Diagnose-Interface für Datenbus	900
4. Diagnose-Interface für Datenbus, Anschluß Eigendiagnose	901
5. Diagnose-Interface für Datenbus, Steuergerät für Datenbus	902
6. Can - Bus - Vernetzung, Steuergeräte	903
7. CAN-Bus - Vernetzung, Steuergeräte	904
8. CAN-Bus-Vernetzung, Steuergeräte	905
9. Zentralsteuergerät für Komfortsystem, Bordnetzsteuergerät	906
083 - Climatic, (Jetta)	907-911
1. Climatic, (Jetta)	907
2. Hochdruckgeber, Steuergerät für Klimaanlage, Bordnetzsteuergerät	908
3. Schalter für Frisch- und Umluftklappe, Geber für Ausströmtemperatur Fußraum, Potentiometer für Stellmotor für Temperaturklappe links, Geber für Ausströmtemperatur Verdampfer, Potentiometer Drehknopf Temperaturwahl, Steuergerät für Klimaanlage, Stellmotor für Frisch- und Umluftbetrieb, Stellmotor für Temperaturklappe
909
4. Schalter für Klimaanlage, Einsteller für beheizbaren Fahrersitz, Einsteller für beheizbaren Beifahrersitz, Taster für beheizbare Heckscheibe, Geber für Kühlmitteltemperatur, Relais für Klimaanlage, Kontrolllampe für beheizbare Heckscheibe, Regelventil für Kompressor Klima
910
5. Steuergerät für Klimaanlage, Frischluftgebläse, Frischluftgebläse	911
084 - Climatronic, (Jetta)	912-918
1. Climatronic, (Jetta)	912
2. Hochdruckgeber, Steuergerät für Climatronic, Bordnetzsteuergerät	913
3. Temperaturfühler Frischluft-Ansaugkanal, Potentiometer, Geber für Ausströmtemperatur Verdampfer	914
4. Potentiometer im Stellmotor für Umluftklappe, Potentiometer für Stellmotor für Temperaturklappe links, Geber für Ausströmtemperatur Fußraum links, Geber für Ausströmtemperatur Fußraum rechts, Steuergerät für Climatronic, Stellmotor für Frischluftklappe und Umluftklappe, Stellmotor für Temperaturklappe links
915
5. Potentiometer im Stellmotor für Defrostklappe, Potentiometer für Stellmotor für Temperaturklappe rechts, Steuergerät für Climatronic, Stellmotor für Defrostklappe, Stellmotor für Temperaturklappe rechts
916
6. Potentiometer im Stellmotor für Zentralklappe, Potentiometer für Stellmotor für Staudruckklappe, Steuergerät für Climatronic, Stellmotor für Zentralklappe, Stellmotor für Staudruckklappe
917
7. Steuergerät für Frischluftgebläse, Steuergerät für Climatronic, Regelventil für Kompressor Klima, Frischluftgebläse	918
085 - Zusatzwasserheizung, Thermo Top V, bei Climatic, (Jetta)	919-924
1. Zusatzwasserheizung, Thermo Top V, bei Climatic, (Jetta)	919
2. Steuergerät für Zusatzheizung, Bordnetzsteuergerät, Verbrennungsluft-Gebläse, Heizelement für Kraftstoff-Vorwärmung	920
3. Temperaturfühler, Überhitzungsfühler, Steuergerät für Zusatzheizung, Glühkerze mit Flammenüberwachung, Umwälzpumpe
921
4. Steuergerät für Zusatzheizung, Antennenweiche, Funkempfänger Zusatzwasserheizung, Antenne für Zusatzheizung, Dosierpumpe, rechts neben dem Kraftstoffvorratsbehälter
922
5. Abrufaste für Multifunktionsanzeige, Reset-Taste, Sofortheiztaste, Diagnose-Interface für Datenbus	923
6. Relais für Frischluftgebläse, Relais für Standheizebtrieb, Sicherungen	924
086 - Zusatzwasserheizung, Thermo Top V, bei Climatronic, (Jetta)	925-929
1. Zusatzwasserheizung, Thermo Top V, bei Climatronic, (Jetta)	925
2. Steuergerät für Zusatzheizung, Bordnetzsteuergerät, Verbrennungsluft-Gebläse	926
3. Temperaturfühler, Überhitzungsfühler, Steuergerät für Zusatzheizung, Glühkerze mit Flammenüberwachung, Umwälzpumpe, Heizelement für Kraftstoff-Vorwärmung
927
4. Steuergerät für Zusatzheizung, Antenne für Zusatzheizung, Standheizung, Antennenweiche, Funkempfänger Zusatzwasserheizung
928
5. Abrufaste für Multifunktionsanzeige, Reset-Taste, Sofortheiztaste, Diagnose-Interface für Datenbus	929
087 - Lüfter für Kühlmittel, stufenlos für Einfachkühlerlüfter/Doppelkühlerlüfter, (Jetta)	930-932
1. Lüfter für Kühlmittel, stufenlos für Einfachkühlerlüfter/Doppelkühlerlüfter, (Jetta)	930
2. Batterie, Steuergerät für Lüfter für Kühlmittel, Lüfter für Kühlmittel, Lüfter rechts für Kühlmittel	931
3. Kühlmittelttemperaturgeber, Motorsteuergerät, Steuergerät für Lüfter für Kühlmittel	932
088 - Sicherungsbelegung S, SA, SB, SC	933-956
1. Sicherungsbelegung S, SA, SB, SC	933
2. Batterie, Anlasser, Sicherungen (SA)	934
3. Sicherungen (SA)	935
4. Sicherungen (SA), Sicherungen (SB)	936
5. Bordnetzsteuergerät, Sicherungen (SB)	937
6. Motorsteuergerät, Sicherungen (SB)	938
7. Sicherungen für Motronic , Sicherungen (SB)	939
8. Sicherungen (SB)	940
9. Relais für Kühlmittelnachlauf, Stromversorgungsrelais für Motorkomponenten, Sicherungen (SB)	941
10. Sicherungen (SB)	942
11. Bordnetzsteuergerät, Sicherungen (SB)	943
12. Hochtonhorn, Bordnetzsteuergerät, Sicherungen (SB)	944
13. Thermosicherung 1 für Kühlmittelvorwärmung, Sicherungen (SB)	945
14. Entlastungsrelais für X-Kontakt, Bordnetzsteuergerät, Sicherung (SC)	946
15. Sicherungen (SC)	947
16. Sicherungen (SC)	948
17. Sicherungen (SC)	949
18. Sicherungen (SC)	950
19. Bordnetzsteuergerät, Sicherungen (SC)	951
20. Sicherungen (SC)	952
21. Bordnetzsteuergerät, Sicherungen (SC)	953
22. Sicherungen (SC)	954
23. Sicherungen (SC)	955
24. Sicherungen (SC)	956
089 - Sitzheizung, (Jetta)	957-962
1. Sitzheizung, (Jetta)	957
2. Bordnetzsteuergerät, Sicherungen	958
3. Sicherungen (SB)	959
4. Temperaturfühler Fahrersitz, Bordnetzsteuergerät, Heizelement für Sitzfläche Fahrerseite, Heizelement für Sitzlehne Fahrerseite
960
5. Temperaturfühler Beifahrersitz, Steuergerät für beheizbaren Fahrersitz, Steuergerät für beheizbaren Beifahrersitz, Beheizbare Beifahrersitz, Heizelement für Sitzfläche Beifahrerseite, Heizelement für Sitzlehne Beifahrerseite
961
6. Einsteller beheizbarer Fahrersitz, Einsteller für beheizbaren Beifahrersitz, Steuergerät für beheizbaren Fahrersitz, Beheizbarer Beifahrersitz, Wangenheiz- zung Fahrersitz, Steuergerät für Klimaanlage
962
090 - Sitzverstellung mit Lordosenverstellung, (Jetta)	963-966
1. Sitzverstellung mit Lordosenverstellung, (Jetta)	963
2. Sicherungen	964
3. Schalter für Sitzlängsverstellung, Schalter für Sitzneigungsverstellung, Schalter für Sitzhöhenverstellung, Schalter für Lehnenverstellung, Motor für Sitzlängsverstellung vorn Fahrerseite, Motor für Sitzneigungsverstellung Fahrerseite, Motor für Höhenverstellung Fahrersitz
965
4. Schalter für Lordosen-Höhenverstellung Fahrersitz, Schalter für Lordosen-Längsverstellung Fahrersitz, Motor für Lordosen-Längsverstellung Fahrersitz, Motor für Lordosen-Höhenverstellung Fahrersitz
966
091 - Multifunktionslenkrad, (Jetta)	967-972
1. Multifunktionslenkrad, (Jetta)	967
2. Steuergerät für Lenksäulenelektronik	968
3. Schalter für GRA, Taster für GRA, Wickelfeder für Airbag und Rückstellring mit Schleifring, Signalhornbetätigung, Steuergerät für Lenksäulenelektronik, Schalter für Multifunktionslenkrad, im Lenkrad, Steuergerät für Lenksäu- lenelektronik, Magnet für Magnet für Zündschlüsselabzugssperre
969
4. Multifunktionstasten im Lenkrad, Steuergerät für Lenksäulenelektronik, Steuergerät für Multifunktionslenkrad, im Lenkrad	970
5. Steuergerät für Lenksäulenelektronik, Bordnetzsteuergerät, Diagnose-Interface für Datenbus, Anschluß Eigendiagnose	971
092 - Telefonanlage/Telefonvorbereitung, (Jetta)	973-977
1. Telefonanlage/Telefonvorbereitung, (Jetta)	973
2. Relais für Spannungsversorgung der Kl. 30, Bordnetzsteuergerät	974
3. Mikrofon für Telefon, Mobiltelefonklein, Antenne für Telefon, Sende- und Empfangsgerät für Telefon	975
4. Mobiltelefonhalter, Sende- und Empfangsgerät für Telefon	976
5. Schnittstellenwandler für Radio und Navigationssystem, Bordnetzsteuergerät, Radio, Sende- und Empfangsgerät für Telefon
977
093 - Anhängerbetrieb, (Jetta)	978-980
1. Anhängerbetrieb, (Jetta)	978
2. Steuergerät für Anhängererkennung, Steuergerät für Bordnetz, Sicherungen	979
3. Steuergerät für Anhängererkennung, Steuergerät für Bordnetz, Sicherungen	980
094 - 4-Kanal Einparkhilfe (PDC"), (7X1), (Jetta)	981-984
1. 4-Kanal Einparkhilfe (PDC"), (7X1), (Jetta)	981
2. Steuergerät für Einparkhilfe, Sicherung	982
3. Steuergerät für Einparkhilfe, Warnsummer für Einparkhilfe hinten, Geber für Einparkhilfe hinten links, Geber für Einparkhilfe hinten links innen
983
4. Geber für Einparkhilfe, Geber für Einparkhilfe hinten rechts, Geber für Einparkhilfe hi-nten rechts innen	984
095 - Scheinwerferreinigungsanlage, (Jetta)	985-987
1. Scheinwerferreinigungsanlage, (Jetta)	985
2. Relais für Scheinwerferreinigungsanlage, Bordnetzsteuergerät, Pumpe für Scheinwerfer-Reinigungsanlage	986
3. Scheibenwischerschalter für Intervallbetrieb, Schalter für Scheibenwaschpumpe, Geber für Scheibenwaschwasserstand, Steuergerät für Lenksäulenelektronik, Bordnetzsteuergerät, Diagnose-Interface für Datenbus, Kontrollleuchte für Scheibenwaschflüssigkeit, Kontrollleuchte für Schein-Wasserstand
987
096 - Gasentladungsscheinwerfer mit automatisch- dynamischer Leuchtweitenregelung, (Jetta)	988-995
1. Gasentladungsscheinwerfer mit automatisch- dynamischer Leuchtweitenregelung, (Jetta)	988
2. Relais für Spannungsversorgung Klemme 15	989
3. Steuergerät für Gas-Entladungslampe links, am Scheinwerfer links, Bordnetzsteuergerät, Gasentladungslampe links, Lampe für Standlicht links, Lampe für Blinklicht vorn links, Lam- pe für Fernlicht-Scheinwerfer links, Magnet für Fern- und Abblendlicht links
990
4. Geber 1 für Leuchtweitenregelung, Vorderachse links, Steuergerät für Leuchtweitenregelung, Stellmotor links für Leuchtweitenregelung
991
5. Geber 2 für Leuchtweitenregelung, Hinterachse links, Steuergerät für Leuchtweitenregelung, Stellmotor links für Leuchtweitenregelung
992
6. Steuergerät für Gas-Entladungslampe rechts, am Scheinwerfer rechts, Bordnetzsteuergerät, Gasentladungslampe rechts, Lampe für Standlicht rechts, Lampe für Blinklicht vorn rechts, Lampe für Fernlicht-Scheinwerfer rechts, Magnet für Umschaltung Fern- und Abblendlicht rechts
993
7. Blinkerschalter, Schalter für Handabblendung und Lichthupe, Bordnetzsteuergerät, Steuerge- rät für Lenksäulenelektronik, Diagnose-Interface für Datenbus
994
8. Regler für Beleuchtung, Schalter, Instrumente, Bordnetzsteuergerät, Diagnose-Interface für Datenbus	995
097 - Vorbereitung für Anhängerbetrieb	996-998
1. Vorbereitung für Anhängerbetrieb	996
2. Steuergerät für Anhängererkennung	997
3. Steuergerät für Anhängererkennung	998
098 - Radiosystem / RCD 300	999-1004
1. Radiosystem / RCD 300	999
2. Radio	1000
3. Radio, Lautsprecher vorn links	1001
4. Radio, Lautsprecher vorn rechts, Mittel-Tonlautsprecher vorn rechts	1002
5. Radio, Lautsprecher hinten links	1003
6. Radio, Lautsprecher hinten rechts, Relais für beheizbare Heckscheibe, Bordnetzsteuergerät, Radio, Antenne, Radio Antenne 2, Antennenverstärker, Frequenzfilter für Frequenzmodulation (FM) in der Minusleitung, Frequenzfilter für Frequenzmodulation (FM) in der Plusleitung
1004
099 - Radiosystem RCD 300/ RCD 500	1005-1011
1. Radioanlage RCD 300/ RCD 500	1005
2. Radio	1006
3. Radio, Lautsprecher vorn links	1007
4. Radio, Frequenzweiche links, im Fahrertür, Hochton-Lautsprecher vorn links, Tiefton-Lautsprecher vorn links, Mittel-Tonlautsprecher vorn rechts
1008
5. Radio, Frequenzweiche rechts, in der Beifahrertür, Hochton-Lautsprecher vorn rechts, Tiefton-Lautsprecher vorn rechts, Mittel-Tonlautsprecher vorn rechts
1008
6. Radio, Lautsprecher hinten rechts	1009
7. Radio, CD-Wechsler	1010
8. Relais für beheizbare Heckscheibe, Bordnetzsteuergerät, Radio, Antenne, Radioantenne 2, Frequenzfilter für Frequenzmodulation (FM) in der Minusleitung, Frequenzfilter für Frequenzmodulation
1011
